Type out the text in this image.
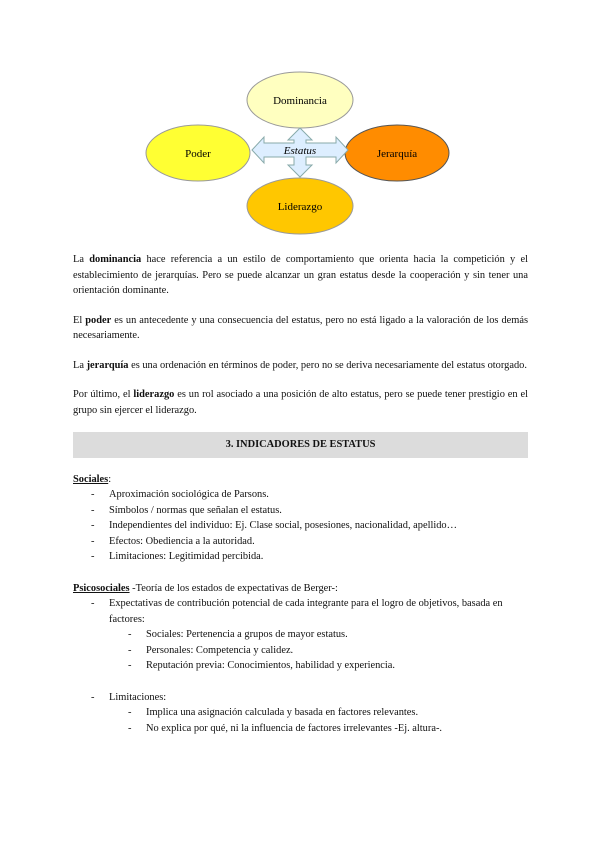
Dominancia
Poder	Jerarquía
Liderazgo
Estatus

La dominancia hace referencia a un estilo de comportamiento que orienta hacia la competición y el establecimiento de jerarquías. Pero se puede alcanzar un gran estatus desde la cooperación y sin tener una orientación dominante.

El poder es un antecedente y una consecuencia del estatus, pero no está ligado a la valoración de los demás necesariamente.

La jerarquía es una ordenación en términos de poder, pero no se deriva necesariamente del estatus otorgado.

Por último, el liderazgo es un rol asociado a una posición de alto estatus, pero se puede tener prestigio en el grupo sin ejercer el liderazgo.

3. INDICADORES DE ESTATUS
Sociales:
- Aproximación sociológica de Parsons.
- Símbolos / normas que señalan el estatus.
- Independientes del individuo: Ej. Clase social, posesiones, nacionalidad, apellido…
- Efectos: Obediencia a la autoridad.
- Limitaciones: Legitimidad percibida.
Psicosociales -Teoría de los estados de expectativas de Berger-:
- Expectativas de contribución potencial de cada integrante para el logro de objetivos, basada en factores:
- Sociales: Pertenencia a grupos de mayor estatus.
- Personales: Competencia y calidez.
- Reputación previa: Conocimientos, habilidad y experiencia.
- Limitaciones:
- Implica una asignación calculada y basada en factores relevantes.
- No explica por qué, ni la influencia de factores irrelevantes -Ej. altura-.
